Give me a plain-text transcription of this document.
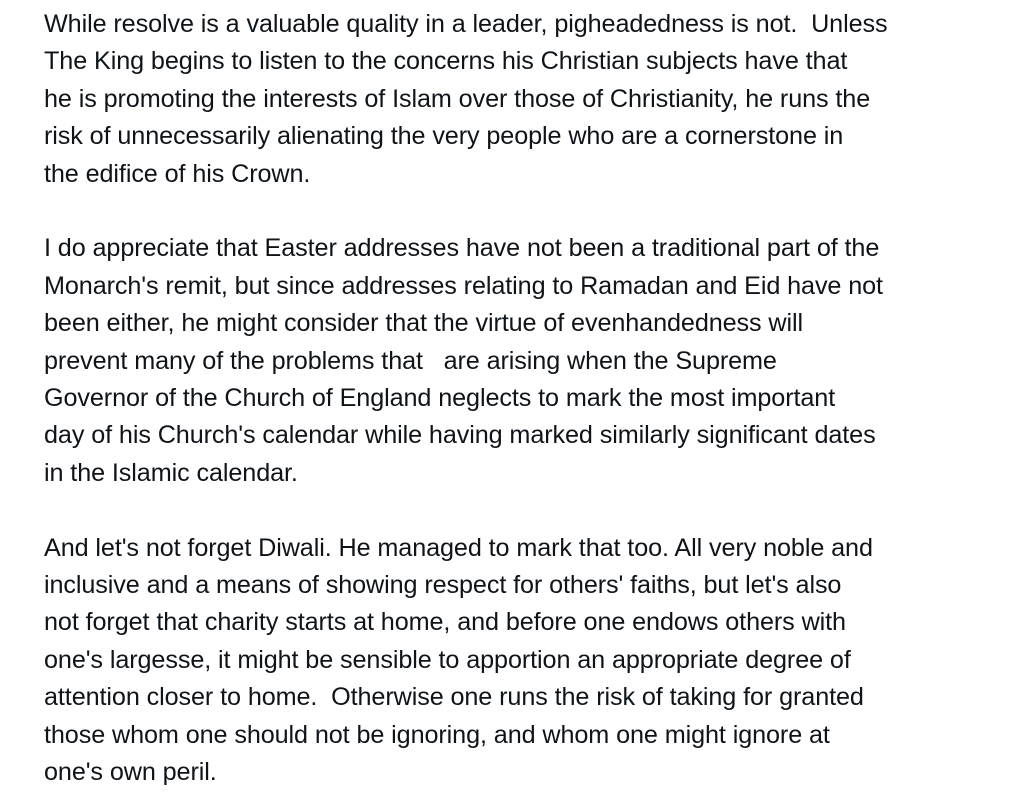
While resolve is a valuable quality in a leader, pigheadedness is not.  Unless
The King begins to listen to the concerns his Christian subjects have that
he is promoting the interests of Islam over those of Christianity, he runs the
risk of unnecessarily alienating the very people who are a cornerstone in
the edifice of his Crown.

I do appreciate that Easter addresses have not been a traditional part of the
Monarch's remit, but since addresses relating to Ramadan and Eid have not
been either, he might consider that the virtue of evenhandedness will
prevent many of the problems that   are arising when the Supreme
Governor of the Church of England neglects to mark the most important
day of his Church's calendar while having marked similarly significant dates
in the Islamic calendar.

And let's not forget Diwali. He managed to mark that too. All very noble and
inclusive and a means of showing respect for others' faiths, but let's also
not forget that charity starts at home, and before one endows others with
one's largesse, it might be sensible to apportion an appropriate degree of
attention closer to home.  Otherwise one runs the risk of taking for granted
those whom one should not be ignoring, and whom one might ignore at
one's own peril.
